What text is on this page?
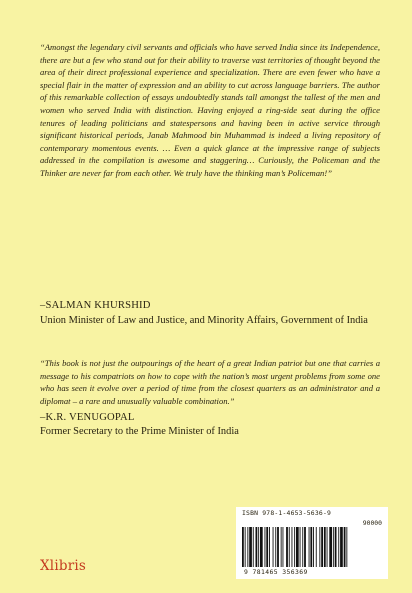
“Amongst the legendary civil servants and officials who have served India since its Independence, there are but a few who stand out for their ability to traverse vast territories of thought beyond the area of their direct professional experience and specialization. There are even fewer who have a special flair in the matter of expression and an ability to cut across language barriers. The author of this remarkable collection of essays undoubtedly stands tall amongst the tallest of the men and women who served India with distinction. Having enjoyed a ring-side seat during the office tenures of leading politicians and statespersons and having been in active service through significant historical periods, Janab Mahmood bin Muhammad is indeed a living repository of contemporary momentous events. … Even a quick glance at the impressive range of subjects addressed in the compilation is awesome and staggering… Curiously, the Policeman and the Thinker are never far from each other. We truly have the thinking man’s Policeman!”

–SALMAN KHURSHID

Union Minister of Law and Justice, and Minority Affairs, Government of India

“This book is not just the outpourings of the heart of a great Indian patriot but one that carries a message to his compatriots on how to cope with the nation’s most urgent problems from some one who has seen it evolve over a period of time from the closest quarters as an administrator and a diplomat – a rare and unusually valuable combination.”

–K.R. VENUGOPAL

Former Secretary to the Prime Minister of India

ISBN 978-1-4653-5636-9
90000
9 781465 356369
Xlibris
